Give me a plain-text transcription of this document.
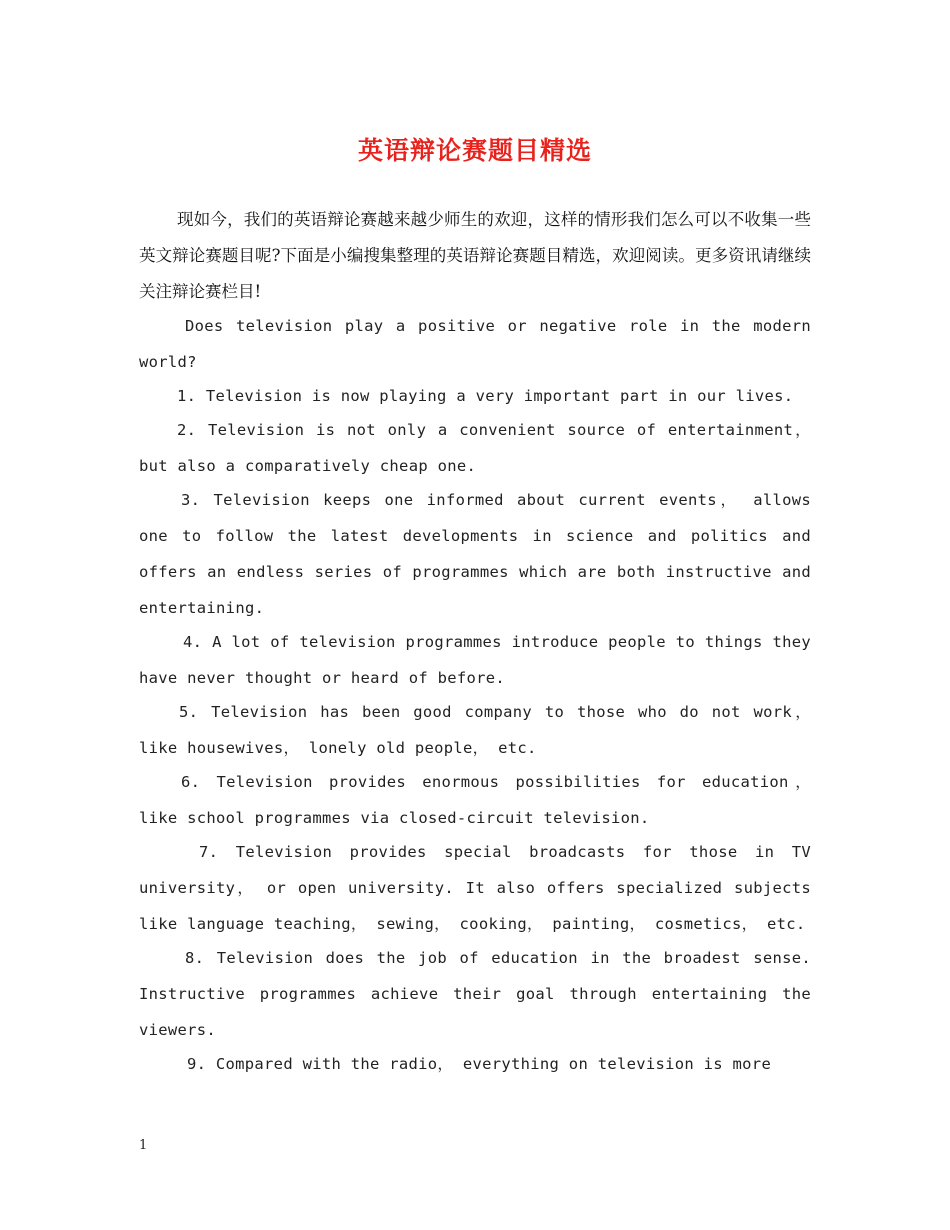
英语辩论赛题目精选

现如今，我们的英语辩论赛越来越少师生的欢迎，这样的情形我们怎么可以不收集一些英文辩论赛题目呢?下面是小编搜集整理的英语辩论赛题目精选，欢迎阅读。更多资讯请继续关注辩论赛栏目!

Does television play a positive or negative role in the modern world?

1. Television is now playing a very important part in our lives.

2. Television is not only a convenient source of entertainment， but also a comparatively cheap one.

3. Television keeps one informed about current events， allows one to follow the latest developments in science and politics and offers an endless series of programmes which are both instructive and entertaining.

4. A lot of television programmes introduce people to things they have never thought or heard of before.

5. Television has been good company to those who do not work， like housewives， lonely old people， etc.

6. Television provides enormous possibilities for education， like school programmes via closed-circuit television.

7. Television provides special broadcasts for those in TV university， or open university. It also offers specialized subjects like language teaching， sewing， cooking， painting， cosmetics， etc.

8. Television does the job of education in the broadest sense. Instructive programmes achieve their goal through entertaining the viewers.

9. Compared with the radio， everything on television is more

1
